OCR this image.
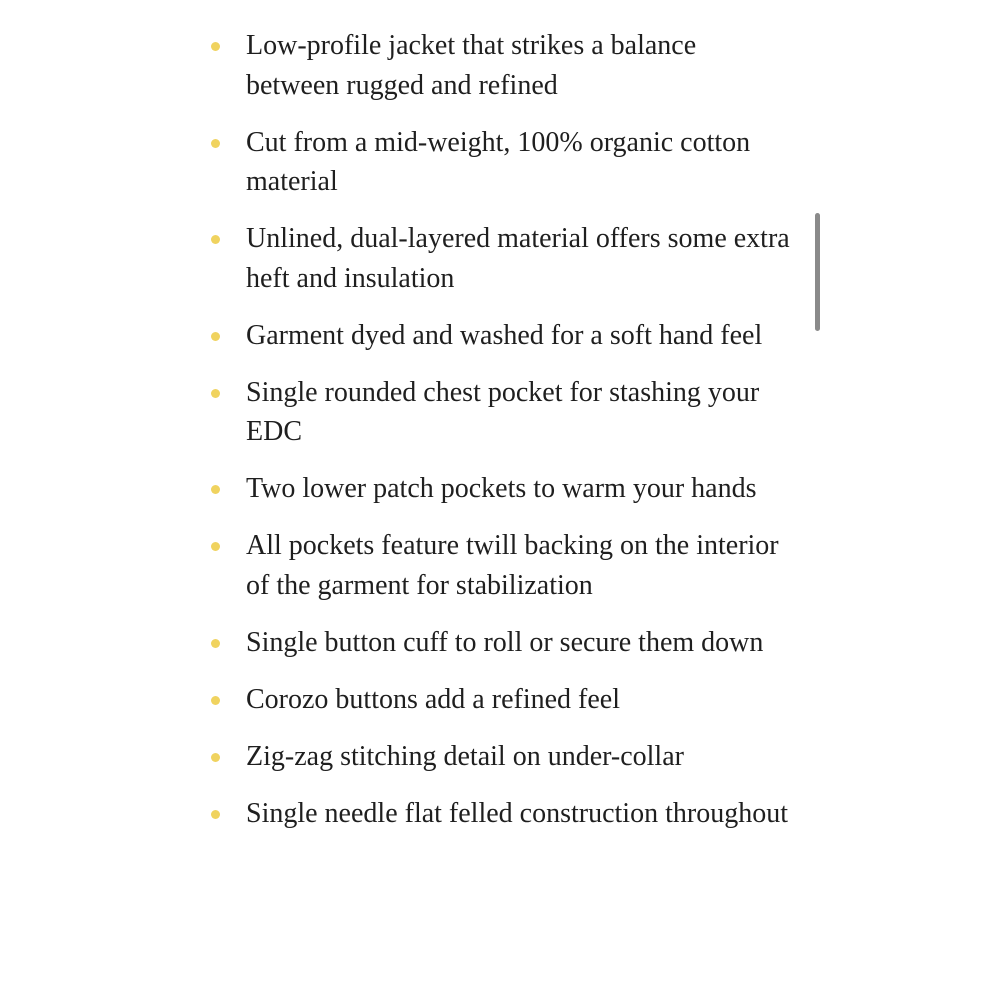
Low-profile jacket that strikes a balance between rugged and refined
Cut from a mid-weight, 100% organic cotton material
Unlined, dual-layered material offers some extra heft and insulation
Garment dyed and washed for a soft hand feel
Single rounded chest pocket for stashing your EDC
Two lower patch pockets to warm your hands
All pockets feature twill backing on the interior of the garment for stabilization
Single button cuff to roll or secure them down
Corozo buttons add a refined feel
Zig-zag stitching detail on under-collar
Single needle flat felled construction throughout
